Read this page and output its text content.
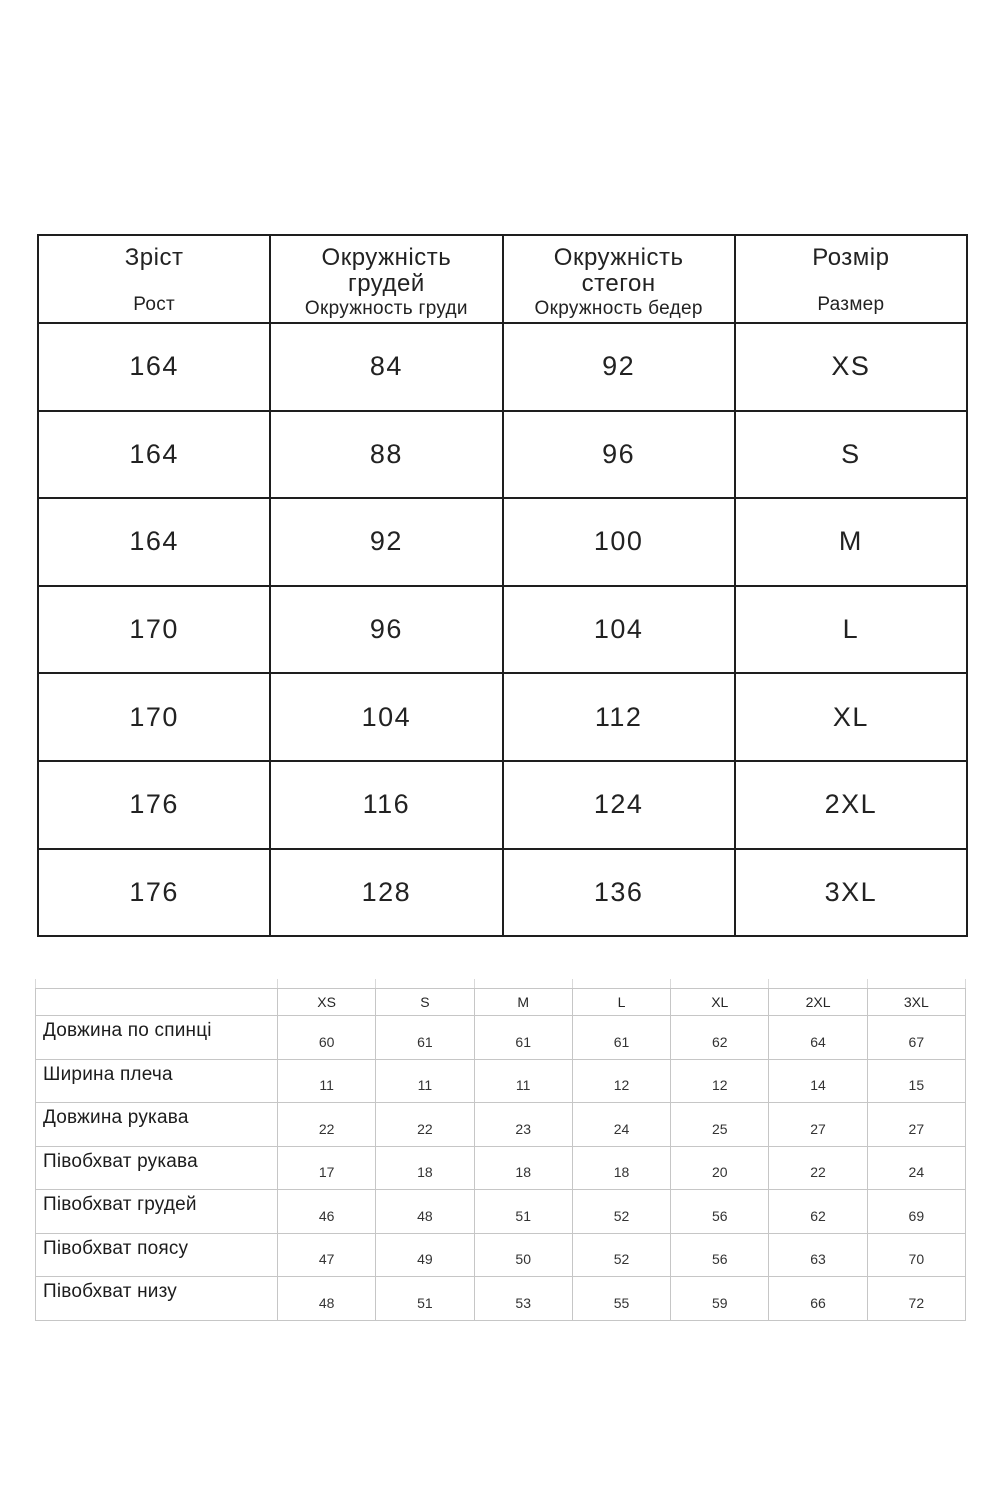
Зріст
Рост

Окружність грудей
Окружность груди

Окружність стегон
Окружность бедер

Розмір
Размер

164	84	92	XS
164	88	96	S
164	92	100	M
170	96	104	L
170	104	112	XL
176	116	124	2XL
176	128	136	3XL
	XS	S	M	L	XL	2XL	3XL
Довжина по спинці	60	61	61	61	62	64	67
Ширина плеча	11	11	11	12	12	14	15
Довжина рукава	22	22	23	24	25	27	27
Півобхват рукава	17	18	18	18	20	22	24
Півобхват грудей	46	48	51	52	56	62	69
Півобхват поясу	47	49	50	52	56	63	70
Півобхват низу	48	51	53	55	59	66	72
